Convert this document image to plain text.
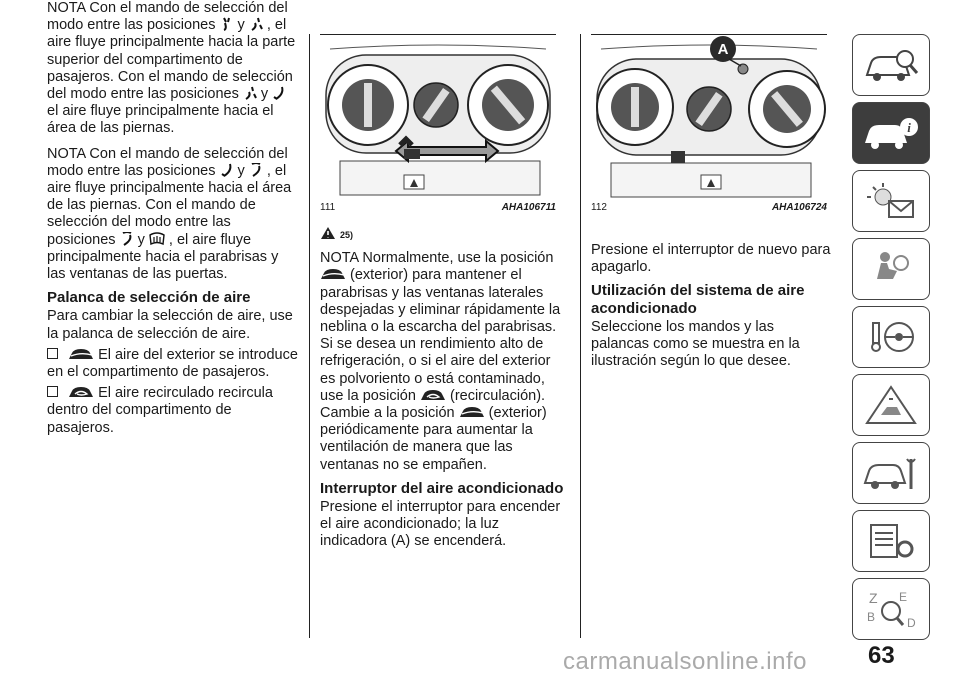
NOTA Con el mando de selección del modo entre las posiciones y , el aire fluye principalmente hacia la parte superior del compartimento de pasajeros. Con el mando de selección del modo entre las posiciones y  el aire fluye principalmente hacia el área de las piernas.

NOTA Con el mando de selección del modo entre las posiciones y , el aire fluye principalmente hacia el área de las piernas. Con el mando de selección del modo entre las posiciones y , el aire fluye principalmente hacia el parabrisas y las ventanas de las puertas.

Palanca de selección de aire

Para cambiar la selección de aire, use la palanca de selección de aire.

El aire del exterior se introduce en el compartimento de pasajeros.

El aire recirculado recircula dentro del compartimento de pasajeros.

111	AHA106711
A
112	AHA106724

25)

NOTA Normalmente, use la posición  (exterior) para mantener el parabrisas y las ventanas laterales despejadas y eliminar rápidamente la neblina o la escarcha del parabrisas. Si se desea un rendimiento alto de refrigeración, o si el aire del exterior es polvoriento o está contaminado, use la posición (recirculación). Cambie a la posición (exterior) periódicamente para aumentar la ventilación de manera que las ventanas no se empañen.

Interruptor del aire acondicionado

Presione el interruptor para encender el aire acondicionado; la luz indicadora (A) se encenderá.

Presione el interruptor de nuevo para apagarlo.

Utilización del sistema de aire acondicionado

Seleccione los mandos y las palancas como se muestra en la ilustración según lo que desee.

i
Z E
B	D
63
carmanualsonline.info
